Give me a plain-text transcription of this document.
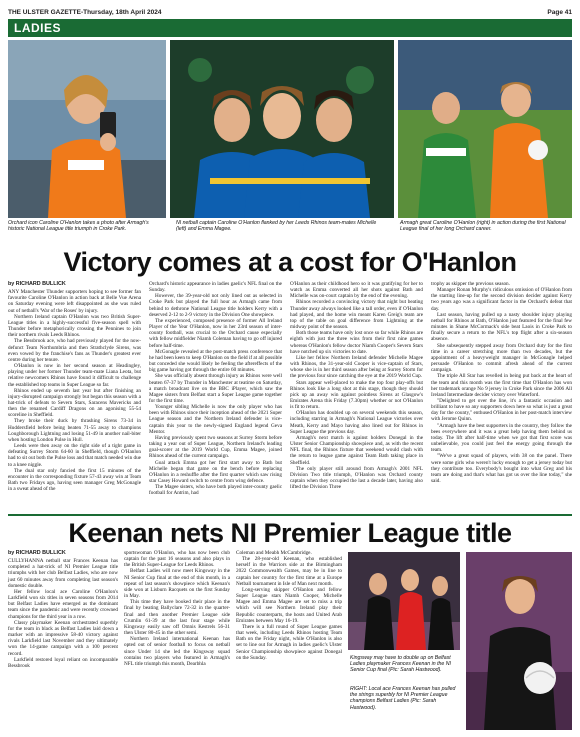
THE ULSTER GAZETTE-Thursday, 18th April 2024	Page 41
LADIES
Orchard icon Caroline O'Hanlon takes a photo after Armagh's historic National League title triumph in Croke Park.
NI netball captain Caroline O'Hanlon flanked by her Leeds Rhinos team-mates Michelle (left) and Emma Magee.
Armagh great Caroline O'Hanlon (right) in action during the first National League final of her long Orchard career.
Victory comes at a cost for O'Hanlon
by RICHARD BULLICK

ANY Manchester Thunder supporters hoping to see former fan favourite Caroline O'Hanlon in action back at Belle Vue Arena on Saturday evening were left disappointed as she was ruled out of netball's 'War of the Roses' by injury.

Northern Ireland captain O'Hanlon was two British Super-League titles in a highly-successful five-season spell with Thunder before metaphorically crossing the Pennines to join their northern rivals Leeds Rhinos.

The Bessbrook ace, who had previously played for the now-defunct Team Northumbria and then Strathclyde Sirens, was even vowed by the franchise's fans as Thunder's greatest ever centre during her tenure.

O'Hanlon is now in her second season at Headingley, playing under her former Thunder team-mate Liana Leota, but relative newcomers Rhinos have found it difficult to challenge the established top teams in Super League so far.

Rhinos ended up seventh last year but after finishing an injury-disrupted campaign strongly but began this season with a hat-trick of defeats to Severn Stars, Saracens Mavericks and then the renamed Cardiff Dragons on an agonising 55-54 scoreline in Sheffield.

They broke their duck by thrashing Sirens 73-34 in Huddersfield before being beaten 71-55 away to champions Loughborough Lightning and losing 51-49 in another nail-biter when hosting London Pulse in Hull.

Leeds were then away on the right side of a tight game in defeating Surrey Storm 64-60 in Sheffield, though O'Hanlon had to sit out both the Pulse loss and that match needed win due to a knee niggle.

The dual star only fancied the first 15 minutes of the encounter in the corresponding fixture 57-43 away win at Team Bath two Fridays ago, having seen manager Greg McGonagle in a sweat ahead of the

Orchard's historic appearance in ladies gaelic's NFL final on the Sunday.

However, the 39-year-old not only lined out as selected in Croke Park but played the full hour as Armagh came from behind to dethrone National League title holders Kerry with a deserved 2-12 to 2-9 victory in the Division One showpiece.

The experienced, composed presence of former All Ireland Player of the Year O'Hanlon, now in her 23rd season of inter-county football, was crucial to the Orchard cause especially with fellow midfielder Niamh Coleman having to go off injured before half-time.

McGonagle revealed at the post-match press conference that he had been keen to keep O'Hanlon on the field if at all possible but conceded she would likely be feeling the aftereffects of the big game having got through the entire 60 minutes.

She was officially absent through injury as Rhinos were well beaten 67-37 by Thunder in Manchester at teatime on Saturday, a match broadcast live on the BBC iPlayer, which saw the Magee sisters from Belfast start a Super League game together for the first time.

Younger sibling Michelle is now the only player who has been with Rhinos since their inception ahead of the 2021 Super League season and the Northern Ireland defender is vice-captain this year to the newly-signed England legend Geva Mentor.

Having previously spent two seasons at Surrey Storm before taking a year out of Super League, Northern Ireland's leading goal-scorer at the 2019 World Cup, Emma Magee, joined Rhinos ahead of the current campaign.

Goal attack Emma got her first start away to Bath but Michelle began that game on the bench before replacing O'Hanlon in a reshuffle after the first quarter which saw rising star Casey Howard switch to centre from wing defence.

The Magee sisters, who have both played inter-county gaelic football for Antrim, had

O'Hanlon as their childhood hero so it was gratifying for her to watch as Emma converted all her shots against Bath and Michelle was on-court captain by the end of the evening.

Rhinos recorded a convincing victory that night but beating Thunder away always looked like a tall order, even if O'Hanlon had played, and the home win meant Karen Greig's team are top of the table on goal difference from Lightning at the midway point of the season.

Both those teams have only lost once so far while Rhinos are eighth with just the three wins from their first nine games whereas O'Hanlon's fellow doctor Niamh Cooper's Severn Stars have notched up six victories to date.

Like her fellow Northern Ireland defender Michelle Magee with Rhinos, the 31-year-old Cooper is vice-captain of Stars, whose she is in her third season after being at Surrey Storm for the previous four since catching the eye at the 2019 World Cup.

Stars appear well-placed to make the top four play-offs but Rhinos look like a long shot at this stage, though they should pick up an away win against pointless Sirens at Glasgow's Emirates Arena this Friday (7.30pm) whether or not O'Hanlon is fit to return.

O'Hanlon has doubled up on several weekends this season, including starring in Armagh's National League victories over Meath, Kerry and Mayo having also lined out for Rhinos in Super League the previous day.

Armagh's next match is against holders Donegal in the Ulster Senior Championship showpiece and, as with the recent NFL final, the Rhinos fixture that weekend would clash with the return to league game against Team Bath taking place in Sheffield.

The only player still around from Armagh's 2001 NFL Division Two title triumph, O'Hanlon was Orchard county captain when they occupied the last a decade later, having also lifted the Division Three

trophy as skipper the previous season.

Manager Ronan Murphy's ridiculous omission of O'Hanlon from the starting line-up for the second division decider against Kerry two years ago was a significant factor in the Orchard's defeat that day.

Last season, having pulled up a nasty shoulder injury playing netball for Rhinos at Bath, O'Hanlon just featured for the final few minutes in Shane McCormack's side beat Laois in Croke Park to finally secure a return to the NFL's top flight after a six-season absence.

She subsequently stepped away from Orchard duty for the first time in a career stretching more than two decades, but the appointment of a heavyweight manager in McGonagle helped persuade O'Hanlon to commit afresh ahead of the current campaign.

The triple All Star has revelled in being put back at the heart of the team and this month was the first time that O'Hanlon has won her trademark orange No 9 jersey in Croke Park since the 2006 All Ireland Intermediate decider victory over Waterford.

"Delighted to get over the line, it's a fantastic occasion and brilliant to have so any supporters down here so what is just a great day for the county," enthused O'Hanlon in her post-match interview with Jerome Quinn.

"Armagh have the best supporters in the country, they follow the bees everywhere and it was a great help having them behind us today. The lift after half-time when we got that first score was unbelievable, you could just feel the energy going through the team.

"We've a great squad of players, with 38 on the panel. There were some girls who weren't lucky enough to get a jersey today but they contribute too. Everybody's bought into what Greg and his team are doing and that's what has got us over the line today," she said.

Keenan nets NI Premier League title
by RICHARD BULLICK

CULLYHANNA netball star Frances Keenan has completed a hat-trick of NI Premier League title triumphs with her club Belfast Ladies, who are now just 60 minutes away from completing last season's domestic double.

Her fellow local ace Caroline O'Hanlon's Larkfield won six titles in seven seasons from 2014 but Belfast Ladies have emerged as the dominant team since the pandemic and were recently crowned champions for the third year in a row.

Classy playmaker Keenan orchestrated superbly for the team in black as Belfast Ladies laid down a marker with an impressive 58-40 victory against rivals Larkfield last November and they ultimately won the 14-game campaign with a 100 percent record.

Larkfield restored loyal reliant on incomparable Bessbrook

sportswoman O'Hanlon, who has now been club captain for the past 16 seasons and also plays in the British Super-League for Leeds Rhinos.

Belfast Ladies will now meet Kingsway in the NI Senior Cup final at the end of this month, in a repeat of last season's showpiece which Keenan's side won at Lisburn Racquets on the first Sunday in May.

This time they have booked their place in the final by beating Ballyclare 72-32 in the quarter-final and then another Premier League side Crumlin 61-39 at the last four stage while Kingsway easily saw off Omnis Kestrels 56-31 then Ulster 80-45 in the other semi.

Northern Ireland international Keenan has opted out of senior football to focus on netball since Under 14 she led the Kingsway squad contains two players who featured in Armagh's NFL title triumph this month, Dearbhla

Coleman and Meabh McCambridge.

The 28-year-old Keenan, who established herself in the Warriors side at the Birmingham 2022 Commonwealth Games, may be in line to captain her country for the first time at a Europe Netball tournament in Isle of Man next month.

Long-serving skipper O'Hanlon and fellow Super League stars Niamh Cooper, Michelle Magee and Emma Magee are set to miss a trip which will see Northern Ireland play their Republic counterparts, the hosts and United Arab Emirates between May 16-19.

There is a full round of Super League games that week, including Leeds Rhinos hosting Team Bath on the Friday night, while O'Hanlon is also set to line out for Armagh in ladies gaelic's Ulster Senior Championship showpiece against Donegal on the Sunday.	Kingsway may have to double up on Belfast Ladies playmaker Frances Keenan in the NI Senior Cup final (Pic: Sarah Hastwood).
RIGHT: Local ace Frances Keenan has pulled the strings superbly for NI Premier League champions Belfast Ladies (Pic: Sarah Hastwood).
